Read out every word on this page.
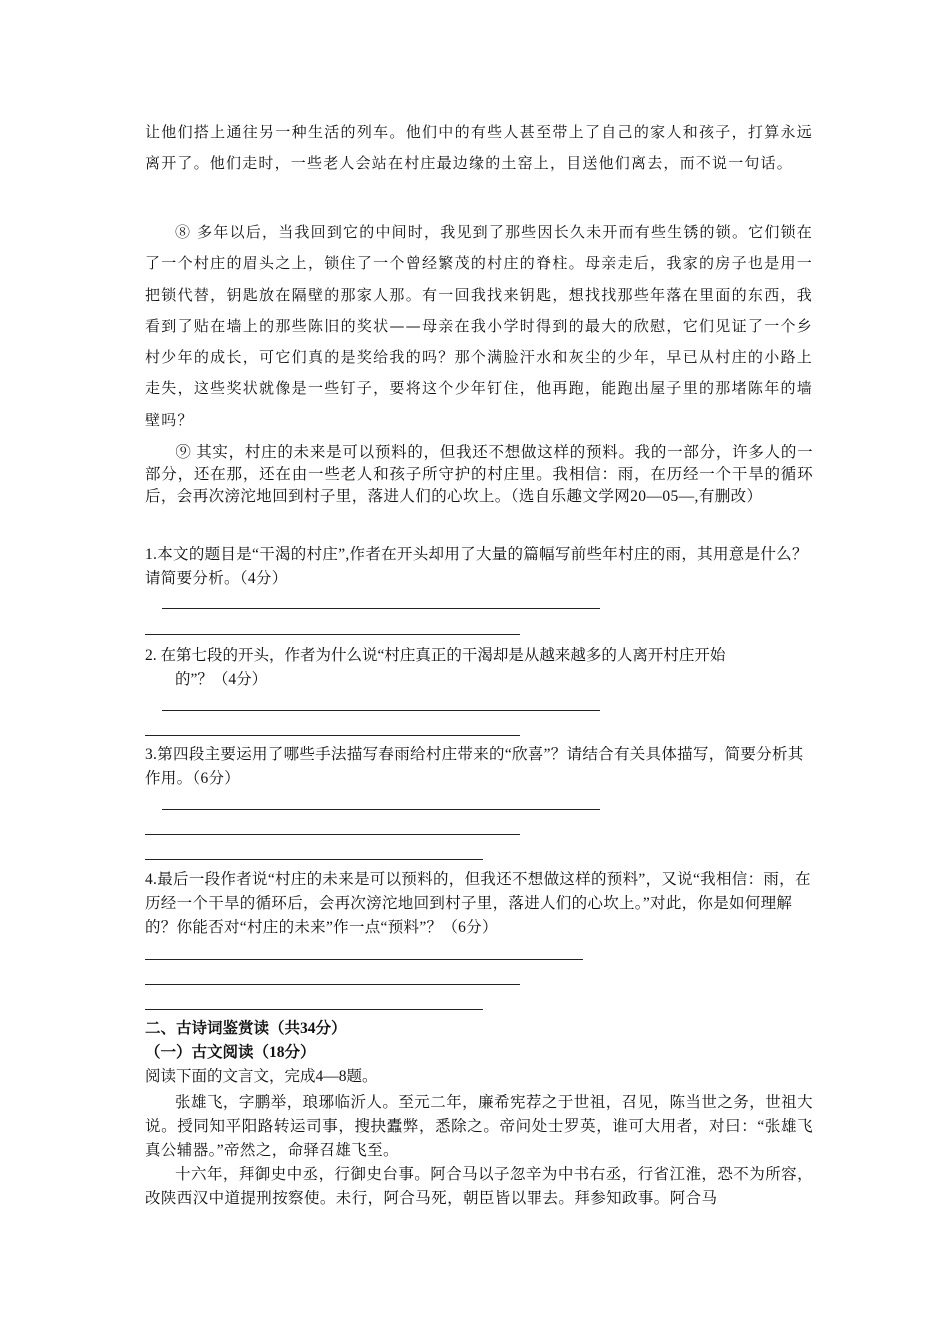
让他们搭上通往另一种生活的列车。他们中的有些人甚至带上了自己的家人和孩子，打算永远离开了。他们走时，一些老人会站在村庄最边缘的土窑上，目送他们离去，而不说一句话。

⑧ 多年以后，当我回到它的中间时，我见到了那些因长久未开而有些生锈的锁。它们锁在了一个村庄的眉头之上，锁住了一个曾经繁茂的村庄的脊柱。母亲走后，我家的房子也是用一把锁代替，钥匙放在隔壁的那家人那。有一回我找来钥匙，想找找那些年落在里面的东西，我看到了贴在墙上的那些陈旧的奖状——母亲在我小学时得到的最大的欣慰，它们见证了一个乡村少年的成长，可它们真的是奖给我的吗？那个满脸汗水和灰尘的少年，早已从村庄的小路上走失，这些奖状就像是一些钉子，要将这个少年钉住，他再跑，能跑出屋子里的那堵陈年的墙壁吗？

⑨ 其实，村庄的未来是可以预料的，但我还不想做这样的预料。我的一部分，许多人的一部分，还在那，还在由一些老人和孩子所守护的村庄里。我相信：雨，在历经一个干旱的循环后，会再次滂沱地回到村子里，落进人们的心坎上。（选自乐趣文学网20—05—,有删改）

1.本文的题目是“干渴的村庄”,作者在开头却用了大量的篇幅写前些年村庄的雨，其用意是什么？请简要分析。（4分）

2. 在第七段的开头，作者为什么说“村庄真正的干渴却是从越来越多的人离开村庄开始
的”？（4分）

3.第四段主要运用了哪些手法描写春雨给村庄带来的“欣喜”？请结合有关具体描写，简要分析其作用。（6分）

4.最后一段作者说“村庄的未来是可以预料的，但我还不想做这样的预料”，又说“我相信：雨，在历经一个干旱的循环后，会再次滂沱地回到村子里，落进人们的心坎上。”对此，你是如何理解的？你能否对“村庄的未来”作一点“预料”？（6分）

二、古诗词鉴赏读（共34分）

（一）古文阅读（18分）

阅读下面的文言文，完成4—8题。

张雄飞，字鹏举，琅琊临沂人。至元二年，廉希宪荐之于世祖，召见，陈当世之务，世祖大说。授同知平阳路转运司事，搜抉蠹弊，悉除之。帝问处士罗英，谁可大用者，对曰：“张雄飞真公辅器。”帝然之，命驿召雄飞至。

十六年，拜御史中丞，行御史台事。阿合马以子忽辛为中书右丞，行省江淮，恐不为所容，改陕西汉中道提刑按察使。未行，阿合马死，朝臣皆以罪去。拜参知政事。阿合马
